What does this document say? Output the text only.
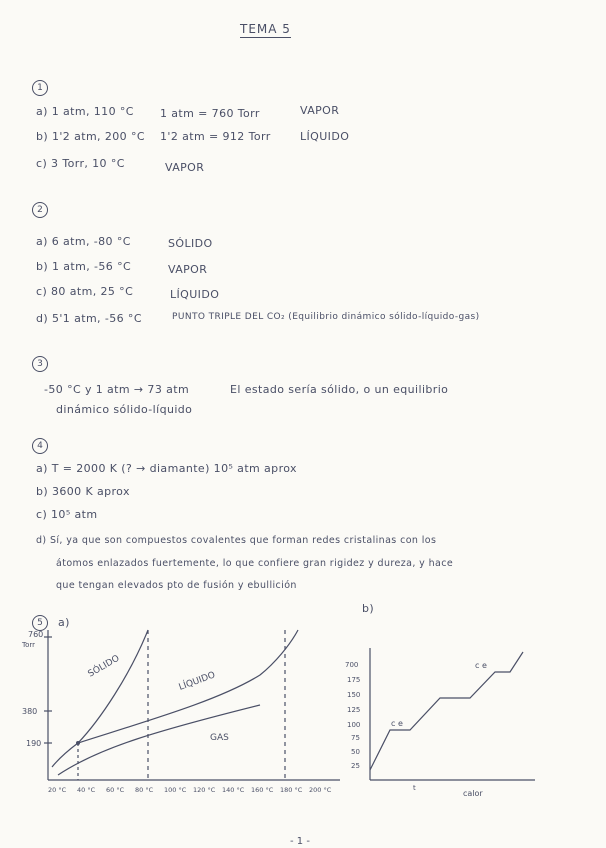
TEMA 5
1
a) 1 atm, 110 °C 1 atm = 760 Torr	VAPOR
b) 1'2 atm, 200 °C 1'2 atm = 912 Torr	LÍQUIDO
c) 3 Torr, 10 °C	VAPOR
2
a) 6 atm, -80 °C	SÓLIDO
b) 1 atm, -56 °C	VAPOR
c) 80 atm, 25 °C	LÍQUIDO
d) 5'1 atm, -56 °C	PUNTO TRIPLE DEL CO₂ (Equilibrio dinámico sólido-líquido-gas)
3
-50 °C y 1 atm → 73 atm	El estado sería sólido, o un equilibrio
dinámico sólido-líquido
4
a) T = 2000 K (? → diamante) 10⁵ atm aprox
b) 3600 K aprox
c) 10⁵ atm
d) Sí, ya que son compuestos covalentes que forman redes cristalinas con los
átomos enlazados fuertemente, lo que confiere gran rigidez y dureza, y hace
que tengan elevados pto de fusión y ebullición
5	a)
b)
760
Torr
380
190
SÓLIDO
LÍQUIDO
GAS
20 °C 40 °C 60 °C 80 °C 100 °C 120 °C 140 °C 160 °C 180 °C 200 °C
700
175
150
125
100
75
50
25
c e
c e
t
calor
- 1 -
